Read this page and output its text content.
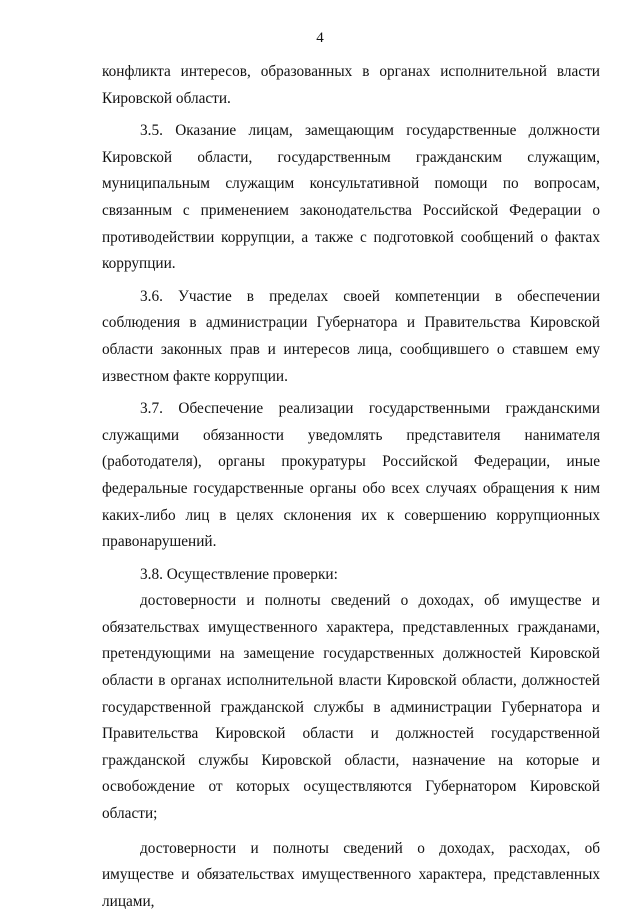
4

конфликта интересов, образованных в органах исполнительной власти Кировской области.

3.5. Оказание лицам, замещающим государственные должности Кировской области, государственным гражданским служащим, муниципальным служащим консультативной помощи по вопросам, связанным с применением законодательства Российской Федерации о противодействии коррупции, а также с подготовкой сообщений о фактах коррупции.

3.6. Участие в пределах своей компетенции в обеспечении соблюдения в администрации Губернатора и Правительства Кировской области законных прав и интересов лица, сообщившего о ставшем ему известном факте коррупции.

3.7. Обеспечение реализации государственными гражданскими служащими обязанности уведомлять представителя нанимателя (работодателя), органы прокуратуры Российской Федерации, иные федеральные государственные органы обо всех случаях обращения к ним каких-либо лиц в целях склонения их к совершению коррупционных правонарушений.

3.8. Осуществление проверки:

достоверности и полноты сведений о доходах, об имуществе и обязательствах имущественного характера, представленных гражданами, претендующими на замещение государственных должностей Кировской области в органах исполнительной власти Кировской области, должностей государственной гражданской службы в администрации Губернатора и Правительства Кировской области и должностей государственной гражданской службы Кировской области, назначение на которые и освобождение от которых осуществляются Губернатором Кировской области;

достоверности и полноты сведений о доходах, расходах, об имуществе и обязательствах имущественного характера, представленных лицами,
